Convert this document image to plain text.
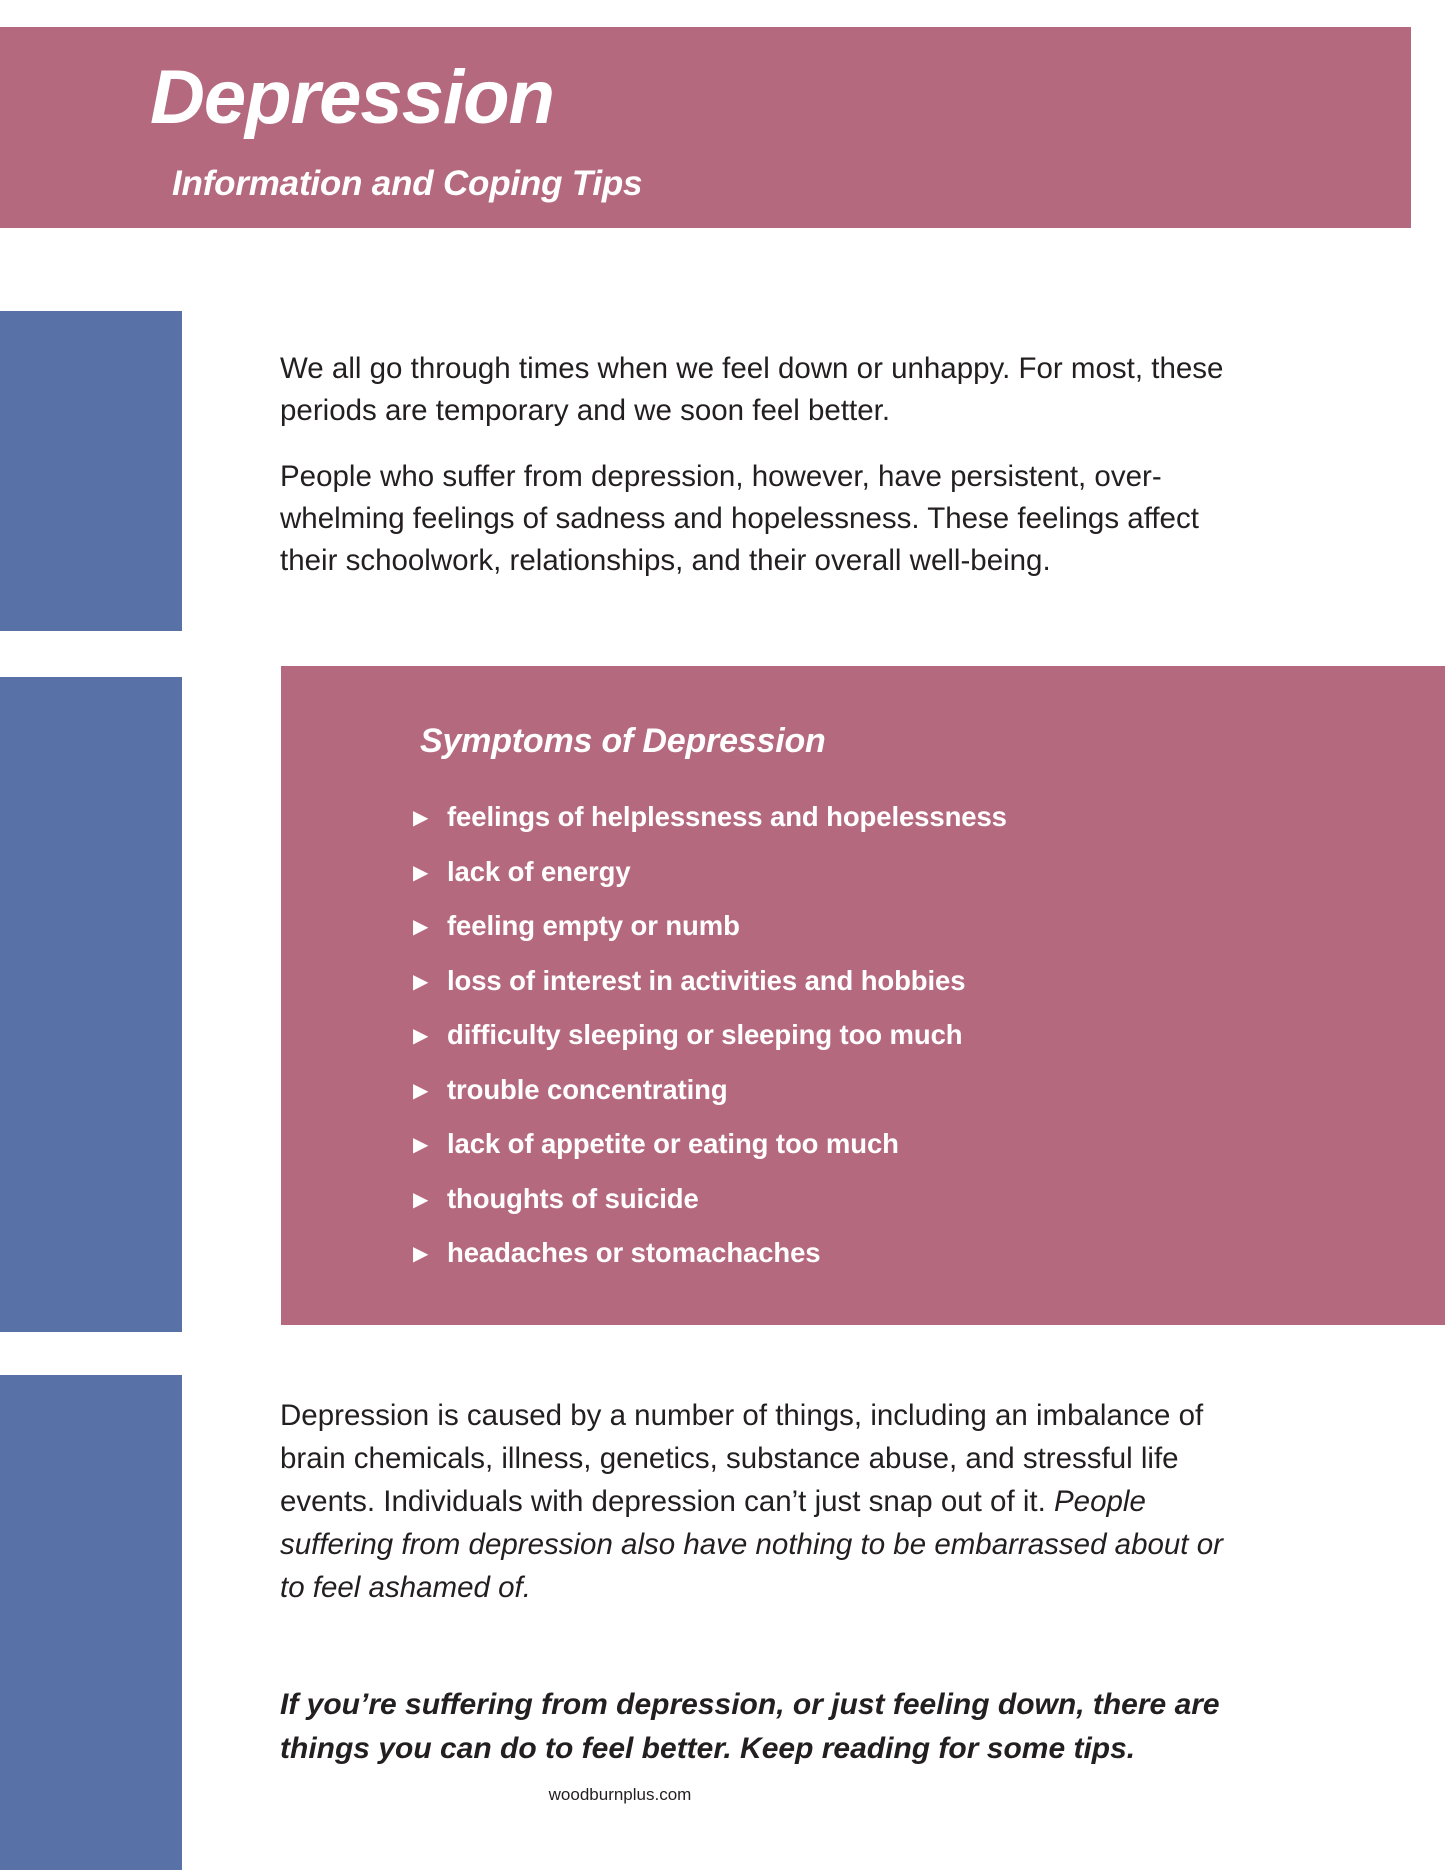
Depression
Information and Coping Tips

We all go through times when we feel down or unhappy. For most, these periods are temporary and we soon feel better.

People who suffer from depression, however, have persistent, over-whelming feelings of sadness and hopelessness. These feelings affect their schoolwork, relationships, and their overall well-being.

Symptoms of Depression
▶ feelings of helplessness and hopelessness
▶ lack of energy
▶ feeling empty or numb
▶ loss of interest in activities and hobbies
▶ difficulty sleeping or sleeping too much
▶ trouble concentrating
▶ lack of appetite or eating too much
▶ thoughts of suicide
▶ headaches or stomachaches

Depression is caused by a number of things, including an imbalance of brain chemicals, illness, genetics, substance abuse, and stressful life events. Individuals with depression can’t just snap out of it. People suffering from depression also have nothing to be embarrassed about or to feel ashamed of.

If you’re suffering from depression, or just feeling down, there are things you can do to feel better. Keep reading for some tips.

woodburnplus.com
